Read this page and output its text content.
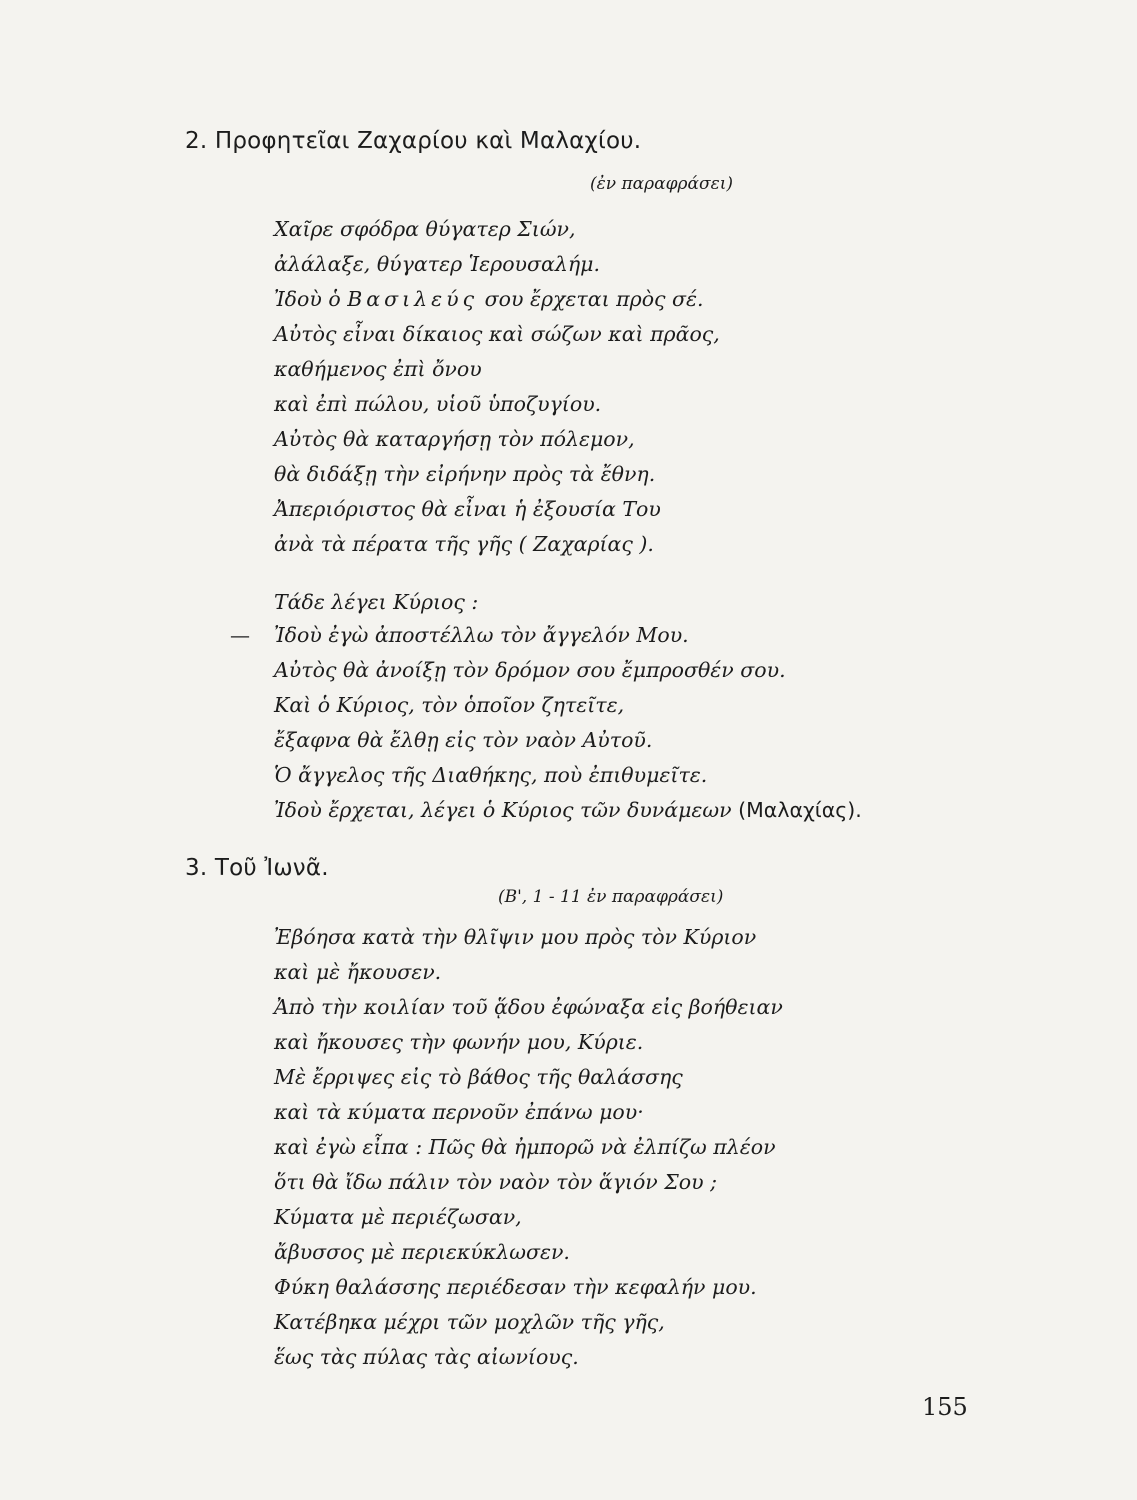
2. Προφητεῖαι Ζαχαρίου καὶ Μαλαχίου.
(ἐν παραφράσει)
Χαῖρε σφόδρα θύγατερ Σιών,
ἀλάλαξε, θύγατερ Ἱερουσαλήμ.
Ἰδοὺ ὁ Βασιλεύς σου ἔρχεται πρὸς σέ.
Αὐτὸς εἶναι δίκαιος καὶ σώζων καὶ πρᾶος,
καθήμενος ἐπὶ ὄνου
καὶ ἐπὶ πώλου, υἱοῦ ὑποζυγίου.
Αὐτὸς θὰ καταργήσῃ τὸν πόλεμον,
θὰ διδάξῃ τὴν εἰρήνην πρὸς τὰ ἔθνη.
Ἀπεριόριστος θὰ εἶναι ἡ ἐξουσία Του
ἀνὰ τὰ πέρατα τῆς γῆς ( Ζαχαρίας ).
Τάδε λέγει Κύριος :
— Ἰδοὺ ἐγὼ ἀποστέλλω τὸν ἄγγελόν Μου.
Αὐτὸς θὰ ἀνοίξῃ τὸν δρόμον σου ἔμπροσθέν σου.
Καὶ ὁ Κύριος, τὸν ὁποῖον ζητεῖτε,
ἔξαφνα θὰ ἔλθῃ εἰς τὸν ναὸν Αὐτοῦ.
Ὁ ἄγγελος τῆς Διαθήκης, ποὺ ἐπιθυμεῖτε.
Ἰδοὺ ἔρχεται, λέγει ὁ Κύριος τῶν δυνάμεων (Μαλαχίας).
3. Τοῦ Ἰωνᾶ.
(Β', 1 - 11 ἐν παραφράσει)
Ἐβόησα κατὰ τὴν θλῖψιν μου πρὸς τὸν Κύριον
καὶ μὲ ἤκουσεν.
Ἀπὸ τὴν κοιλίαν τοῦ ᾅδου ἐφώναξα εἰς βοήθειαν
καὶ ἤκουσες τὴν φωνήν μου, Κύριε.
Μὲ ἔρριψες εἰς τὸ βάθος τῆς θαλάσσης
καὶ τὰ κύματα περνοῦν ἐπάνω μου·
καὶ ἐγὼ εἶπα : Πῶς θὰ ἠμπορῶ νὰ ἐλπίζω πλέον
ὅτι θὰ ἴδω πάλιν τὸν ναὸν τὸν ἅγιόν Σου ;
Κύματα μὲ περιέζωσαν,
ἄβυσσος μὲ περιεκύκλωσεν.
Φύκη θαλάσσης περιέδεσαν τὴν κεφαλήν μου.
Κατέβηκα μέχρι τῶν μοχλῶν τῆς γῆς,
ἕως τὰς πύλας τὰς αἰωνίους.
155
